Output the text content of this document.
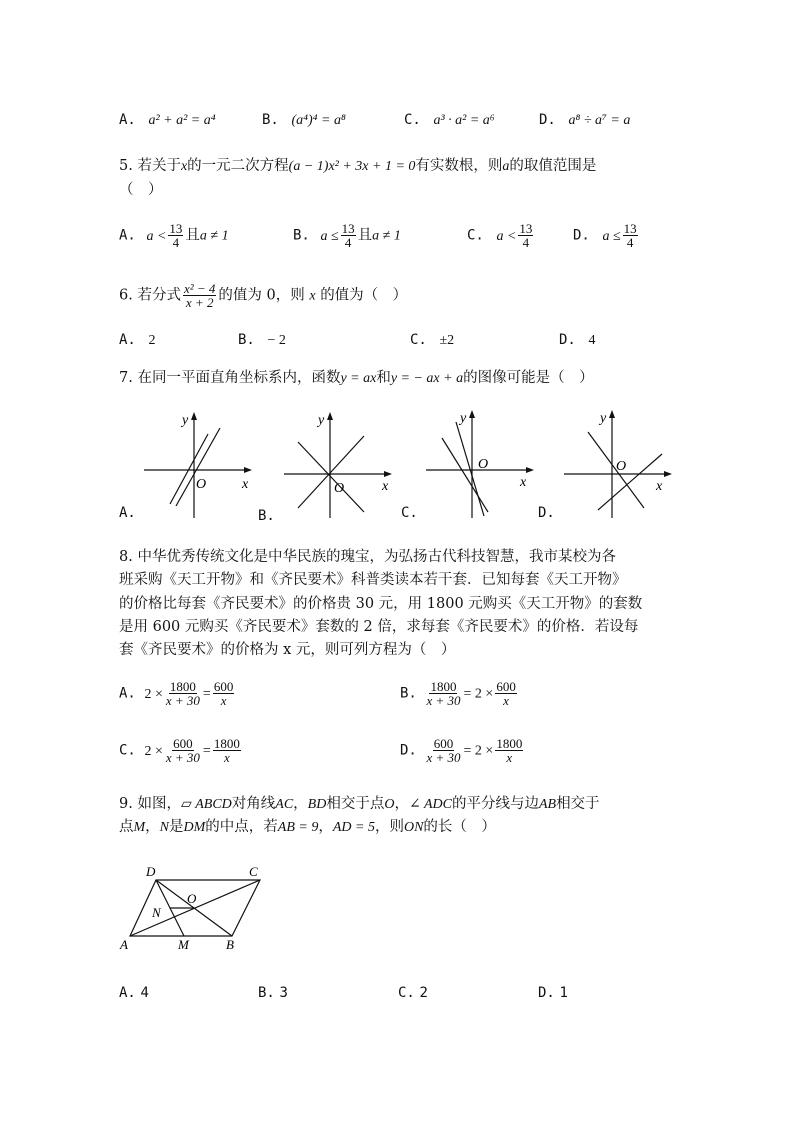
A. a² + a² = a⁴	B. (a⁴)⁴ = a⁸	C. a³ · a² = a⁶	D. a⁸ ÷ a⁷ = a
5. 若关于x的一元二次方程(a − 1)x² + 3x + 1 = 0有实数根，则a的取值范围是
（　）
A. $a < \frac{13}{4}$ 且a ≠ 1	B. $a \le \frac{13}{4}$ 且a ≠ 1	C. $a < \frac{13}{4}$	D. $a \le \frac{13}{4}$
6. 若分式 $\frac{\text{x² − 4}}{x + 2}$ 的值为 0，则 x 的值为（　）
A. 2	B. − 2	C. ±2	D. 4
7. 在同一平面直角坐标系内，函数y = ax和y = − ax + a的图像可能是（　）
y
x
O
A.
y
x
O
B.
y
x
O
C.
y
x
O
D.
8. 中华优秀传统文化是中华民族的瑰宝，为弘扬古代科技智慧，我市某校为各
班采购《天工开物》和《齐民要术》科普类读本若干套．已知每套《天工开物》
的价格比每套《齐民要术》的价格贵 30 元，用 1800 元购买《天工开物》的套数
是用 600 元购买《齐民要术》套数的 2 倍，求每套《齐民要术》的价格．若设每
套《齐民要术》的价格为 x 元，则可列方程为（　）
A. $2 \times \frac{1800}{x + 30} = \frac{600}{x}$	B. $\frac{1800}{x + 30} = 2 \times \frac{600}{x}$
C. $2 \times \frac{600}{x + 30} = \frac{1800}{x}$	D. $\frac{600}{x + 30} = 2 \times \frac{1800}{x}$
9. 如图，▱ ABCD对角线AC，BD相交于点O，∠ ADC的平分线与边AB相交于
点M，N是DM的中点，若AB = 9，AD = 5，则ON的长（　）
D	C
O
N
A	M	B
A. 4	B. 3	C. 2	D. 1
